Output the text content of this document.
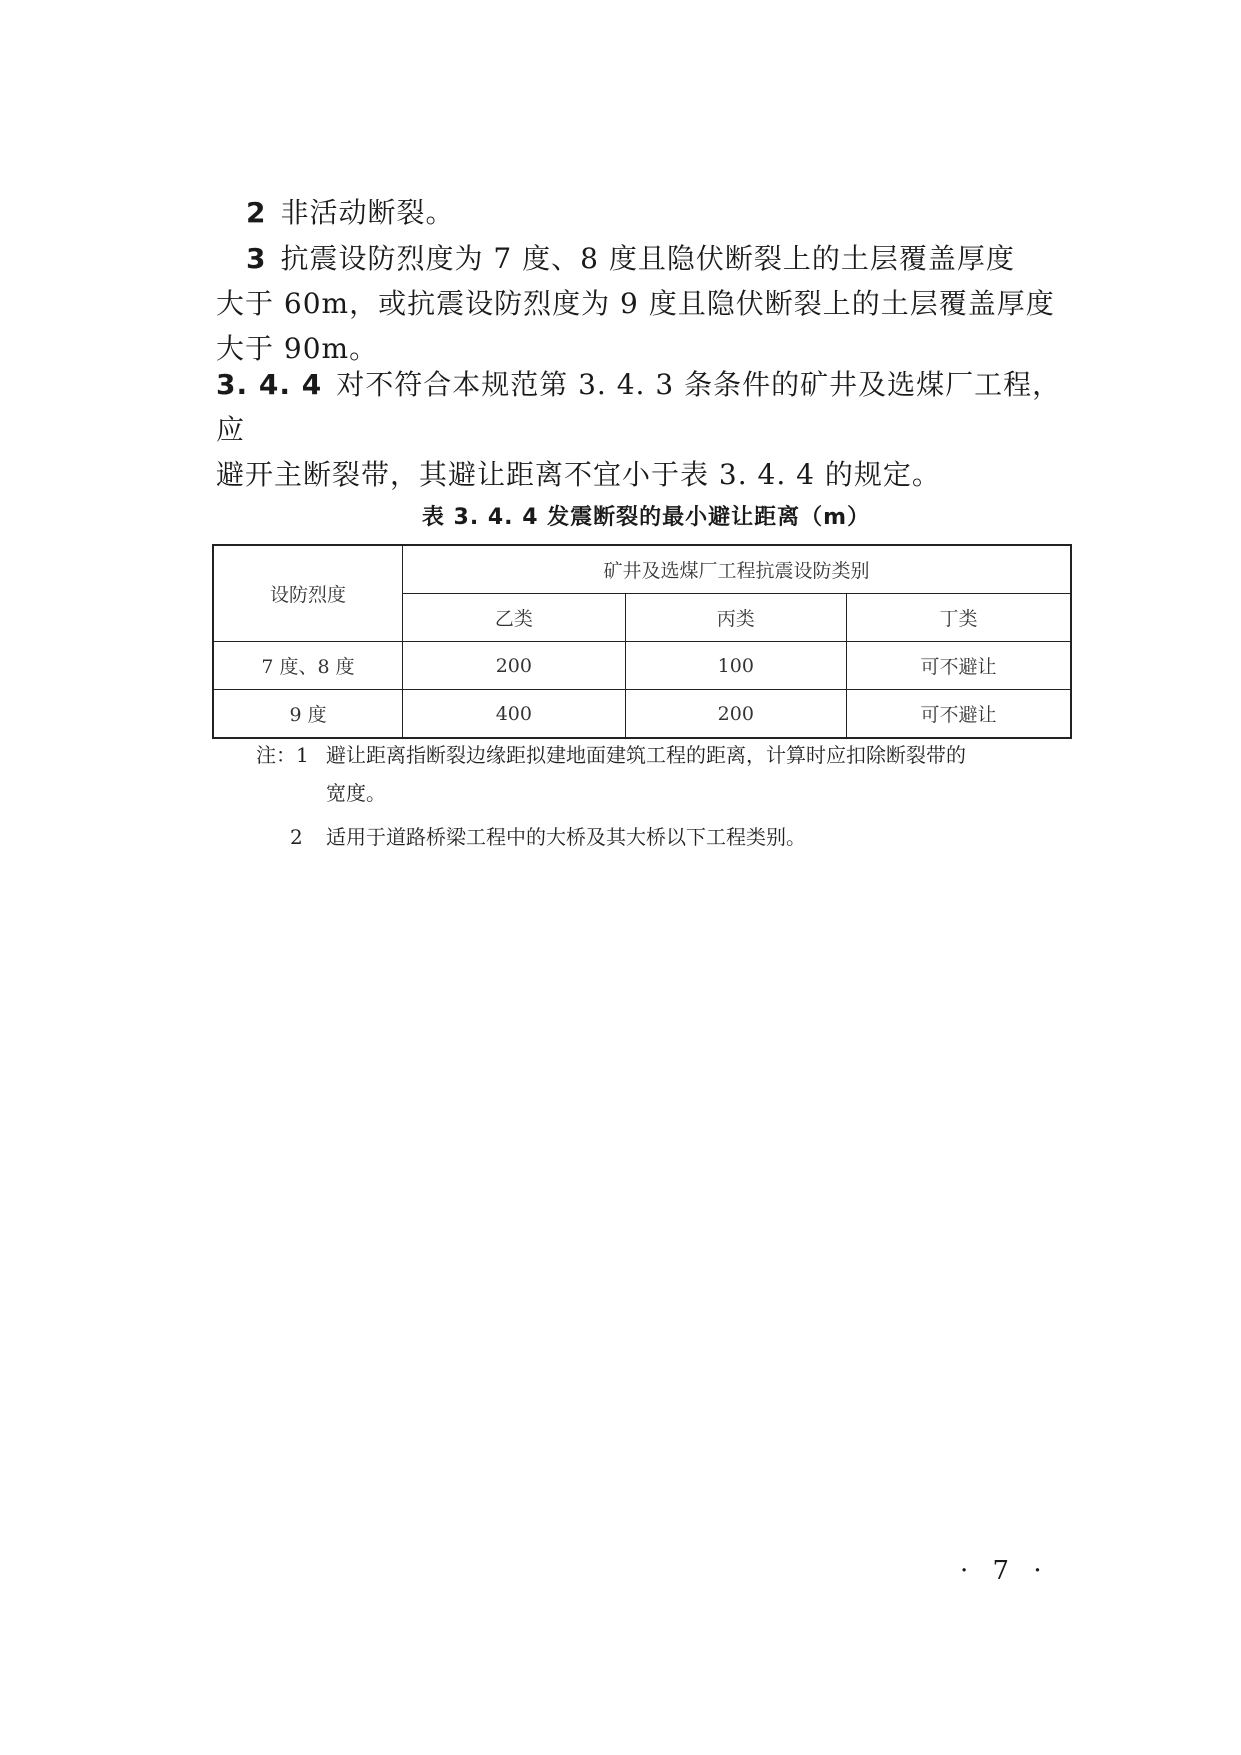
2 非活动断裂。
3 抗震设防烈度为 7 度、8 度且隐伏断裂上的土层覆盖厚度
大于 60m，或抗震设防烈度为 9 度且隐伏断裂上的土层覆盖厚度
大于 90m。
3. 4. 4 对不符合本规范第 3. 4. 3 条条件的矿井及选煤厂工程，应
避开主断裂带，其避让距离不宜小于表 3. 4. 4 的规定。
表 3. 4. 4 发震断裂的最小避让距离（m）
设防烈度	矿井及选煤厂工程抗震设防类别		
	乙类	丙类	丁类
7 度、8 度	200	100	可不避让
9 度	400	200	可不避让
注：1 避让距离指断裂边缘距拟建地面建筑工程的距离，计算时应扣除断裂带的
宽度。
2 适用于道路桥梁工程中的大桥及其大桥以下工程类别。
· 7 ·
